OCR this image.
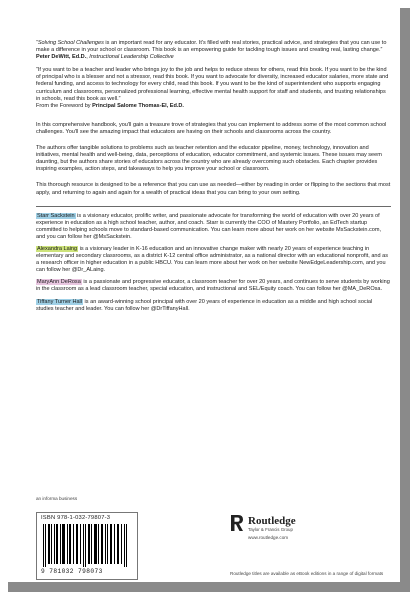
“Solving School Challenges is an important read for any educator. It's filled with real stories, practical advice, and strategies that you can use to make a difference in your school or classroom. This book is an empowering guide for tackling tough issues and creating real, lasting change.”
Peter DeWitt, Ed.D., Instructional Leadership Collective

“If you want to be a teacher and leader who brings joy to the job and helps to reduce stress for others, read this book. If you want to be the kind of principal who is a blesser and not a stressor, read this book. If you want to advocate for diversity, increased educator salaries, more state and federal funding, and access to technology for every child, read this book. If you want to be the kind of superintendent who supports engaging curriculum and classrooms, personalized professional learning, effective mental health support for staff and students, and trusting relationships in schools, read this book as well.”
From the Foreword by Principal Salome Thomas-El, Ed.D.

In this comprehensive handbook, you'll gain a treasure trove of strategies that you can implement to address some of the most common school challenges. You'll see the amazing impact that educators are having on their schools and classrooms across the country.

The authors offer tangible solutions to problems such as teacher retention and the educator pipeline, money, technology, innovation and initiatives, mental health and well-being, data, perceptions of education, educator commitment, and systemic issues. These issues may seem daunting, but the authors share stories of educators across the country who are already overcoming such obstacles. Each chapter provides inspiring examples, action steps, and takeaways to help you improve your school or classroom.

This thorough resource is designed to be a reference that you can use as needed—either by reading in order or flipping to the sections that most apply, and returning to again and again for a wealth of practical ideas that you can bring to your own setting.

Starr Sackstein is a visionary educator, prolific writer, and passionate advocate for transforming the world of education with over 20 years of experience in education as a high school teacher, author, and coach. Starr is currently the COO of Mastery Portfolio, an EdTech startup committed to helping schools move to standard-based communication. You can learn more about her work on her website MsSackstein.com, and you can follow her @MsSackstein.

Alexandra Laing is a visionary leader in K-16 education and an innovative change maker with nearly 20 years of experience teaching in elementary and secondary classrooms, as a district K-12 central office administrator, as a national director with an educational nonprofit, and as a research officer in higher education in a public HBCU. You can learn more about her work on her website NewEdgeLeadership.com, and you can follow her @Dr_ALaing.

MaryAnn DeRosa is a passionate and progressive educator, a classroom teacher for over 20 years, and continues to serve students by working in the classroom as a lead classroom teacher, special education, and instructional and SEL/Equity coach. You can follow her @MA_DeROsa.

Tiffany Turner Hall is an award-winning school principal with over 20 years of experience in education as a middle and high school social studies teacher and leader. You can follow her @DrTiffanyHall.

an informa business
ISBN 978-1-032-79807-3
9 781032 798073
Routledge
Taylor & Francis Group
www.routledge.com
Routledge titles are available as eBook editions in a range of digital formats
